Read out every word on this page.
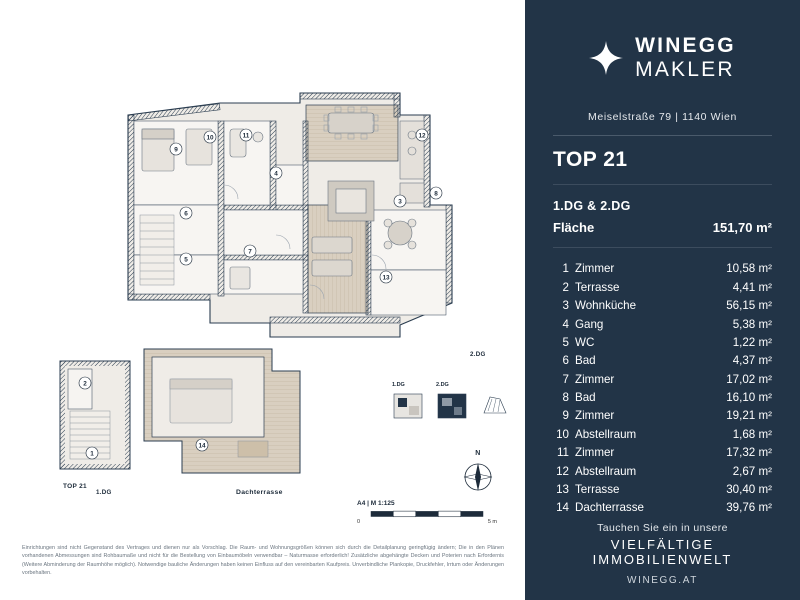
9
10	11
4
6
5
7
3
12
13
8
2
1
14
2.DG
TOP 21
1.DG	Dachterrasse
1.DG	2.DG
N
A4 | M 1:125
0	5 m
Einrichtungen sind nicht Gegenstand des Vertrages und dienen nur als Vorschlag. Die Raum- und Wohnungsgrößen können sich durch die Detailplanung geringfügig ändern; Die in den Plänen vorhandenen Abmessungen sind Rohbaumaße und nicht für die Bestellung von Einbaumöbeln verwendbar – Naturmasse erforderlich! Zusätzliche abgehängte Decken und Poterien nach Erfordernis (Weitere Abminderung der Raumhöhe möglich). Notwendige bauliche Änderungen haben keinen Einfluss auf den vereinbarten Kaufpreis. Unverbindliche Plankopie, Druckfehler, Irrtum oder Änderungen vorbehalten.
WINEGG
MAKLER
Meiselstraße 79 | 1140 Wien
TOP 21
1.DG & 2.DG
Fläche	151,70 m²
1 Zimmer	10,58 m²
2 Terrasse	4,41 m²
3 Wohnküche	56,15 m²
4 Gang	5,38 m²
5 WC	1,22 m²
6 Bad	4,37 m²
7 Zimmer	17,02 m²
8 Bad	16,10 m²
9 Zimmer	19,21 m²
10 Abstellraum	1,68 m²
11 Zimmer	17,32 m²
12 Abstellraum	2,67 m²
13 Terrasse	30,40 m²
14 Dachterrasse	39,76 m²
Tauchen Sie ein in unsere
VIELFÄLTIGE
IMMOBILIENWELT
WINEGG.AT
